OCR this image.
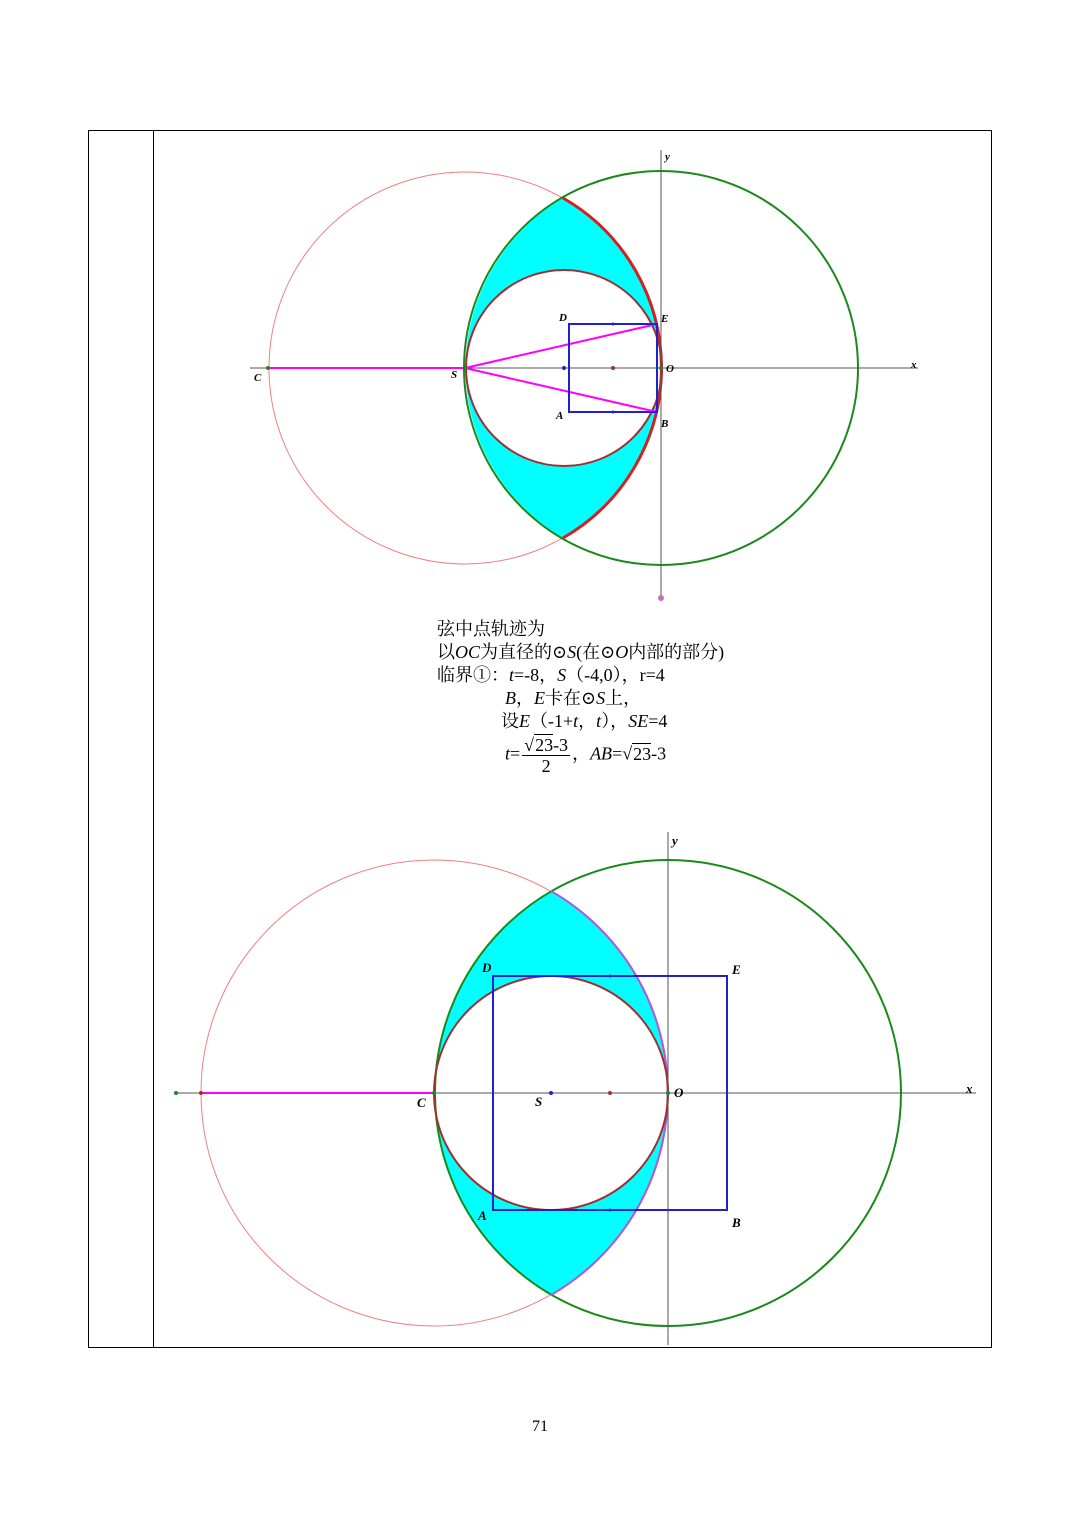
C	S
D	E
O
A
B
x
y
C	S
D	E
O
A	B
x
y
弦中点轨迹为
以OC为直径的⊙S(在⊙O内部的部分)
临界①：t=-8，S（-4,0），r=4
B，E卡在⊙S上，
设E（-1+t，t），SE=4
$t= \frac{√23-3}{2}$ ，AB=√23-3
71
